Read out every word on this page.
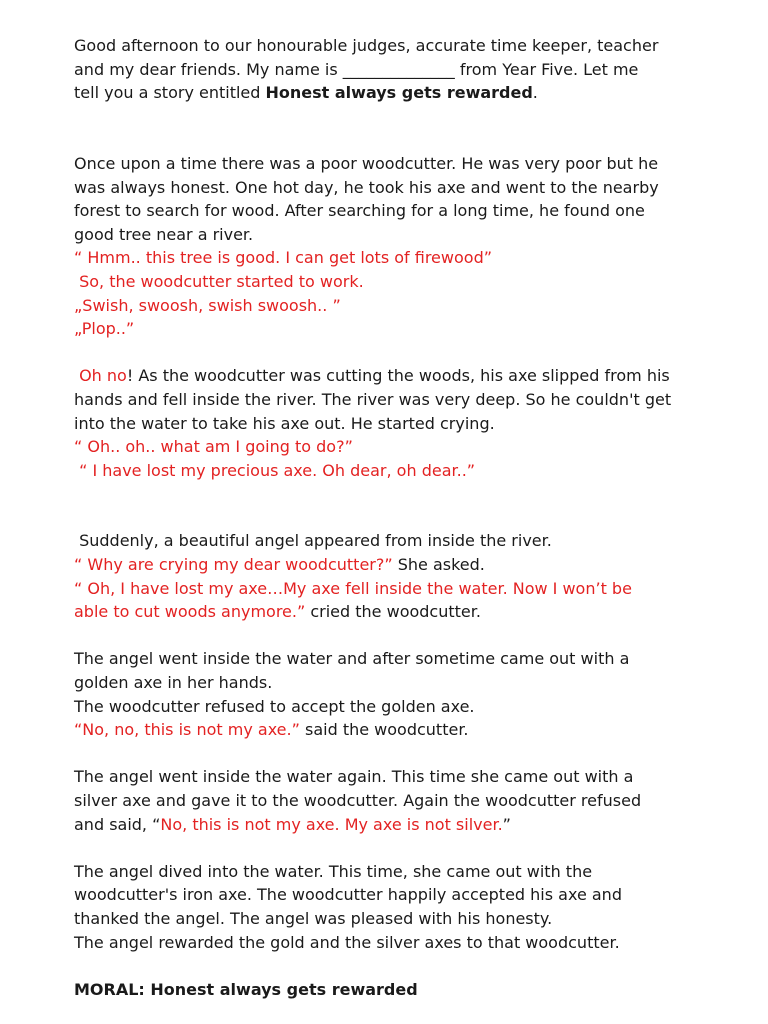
Good afternoon to our honourable judges, accurate time keeper, teacher
and my dear friends. My name is ______________ from Year Five. Let me
tell you a story entitled Honest always gets rewarded.
Once upon a time there was a poor woodcutter. He was very poor but he
was always honest. One hot day, he took his axe and went to the nearby
forest to search for wood. After searching for a long time, he found one
good tree near a river.
“ Hmm.. this tree is good. I can get lots of firewood”
So, the woodcutter started to work.
„Swish, swoosh, swish swoosh.. ”
„Plop..”
Oh no! As the woodcutter was cutting the woods, his axe slipped from his
hands and fell inside the river. The river was very deep. So he couldn't get
into the water to take his axe out. He started crying.
“ Oh.. oh.. what am I going to do?”
“ I have lost my precious axe. Oh dear, oh dear..”
Suddenly, a beautiful angel appeared from inside the river.
“ Why are crying my dear woodcutter?” She asked.
“ Oh, I have lost my axe…My axe fell inside the water. Now I won’t be
able to cut woods anymore.” cried the woodcutter.
The angel went inside the water and after sometime came out with a
golden axe in her hands.
The woodcutter refused to accept the golden axe.
“No, no, this is not my axe.” said the woodcutter.
The angel went inside the water again. This time she came out with a
silver axe and gave it to the woodcutter. Again the woodcutter refused
and said, “No, this is not my axe. My axe is not silver.”
The angel dived into the water. This time, she came out with the
woodcutter's iron axe. The woodcutter happily accepted his axe and
thanked the angel. The angel was pleased with his honesty.
The angel rewarded the gold and the silver axes to that woodcutter.
MORAL: Honest always gets rewarded
